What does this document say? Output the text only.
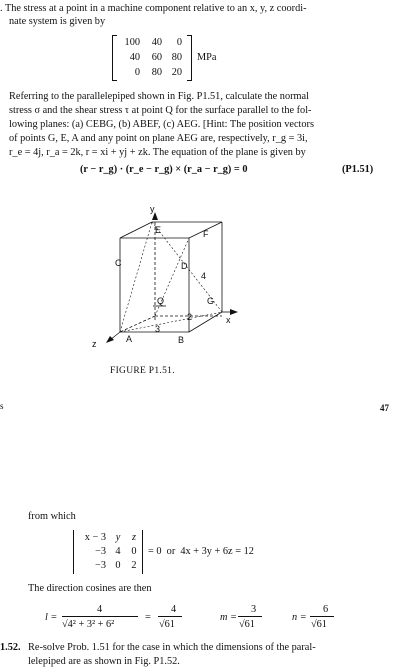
. The stress at a point in a machine component relative to an x, y, z coordi-
nate system is given by
100	40	0
40	60 80
0	80 20
MPa
Referring to the parallelepiped shown in Fig. P1.51, calculate the normal
stress σ and the shear stress τ at point Q for the surface parallel to the fol-
lowing planes: (a) CEBG, (b) ABEF, (c) AEG. [Hint: The position vectors
of points G, E, A and any point on plane AEG are, respectively, r_g = 3i,
r_e = 4j, r_a = 2k, r = xi + yj + zk. The equation of the plane is given by
(r − r_g) · (r_e − r_g) × (r_a − r_g) = 0	(P1.51)
y
x
z	A	B
C	D
E	F
G
Q
2
3
4
FIGURE P1.51.
s	47
from which
x − 3 y	z
−3 4	0
−3 0	2
= 0  or  4x + 3y + 6z = 12
The direction cosines are then
l =
4
√4² + 3² + 6²
=
4
√61
m =
3
√61
n =
6
√61
1.52. Re-solve Prob. 1.51 for the case in which the dimensions of the paral-
lelepiped are as shown in Fig. P1.52.
